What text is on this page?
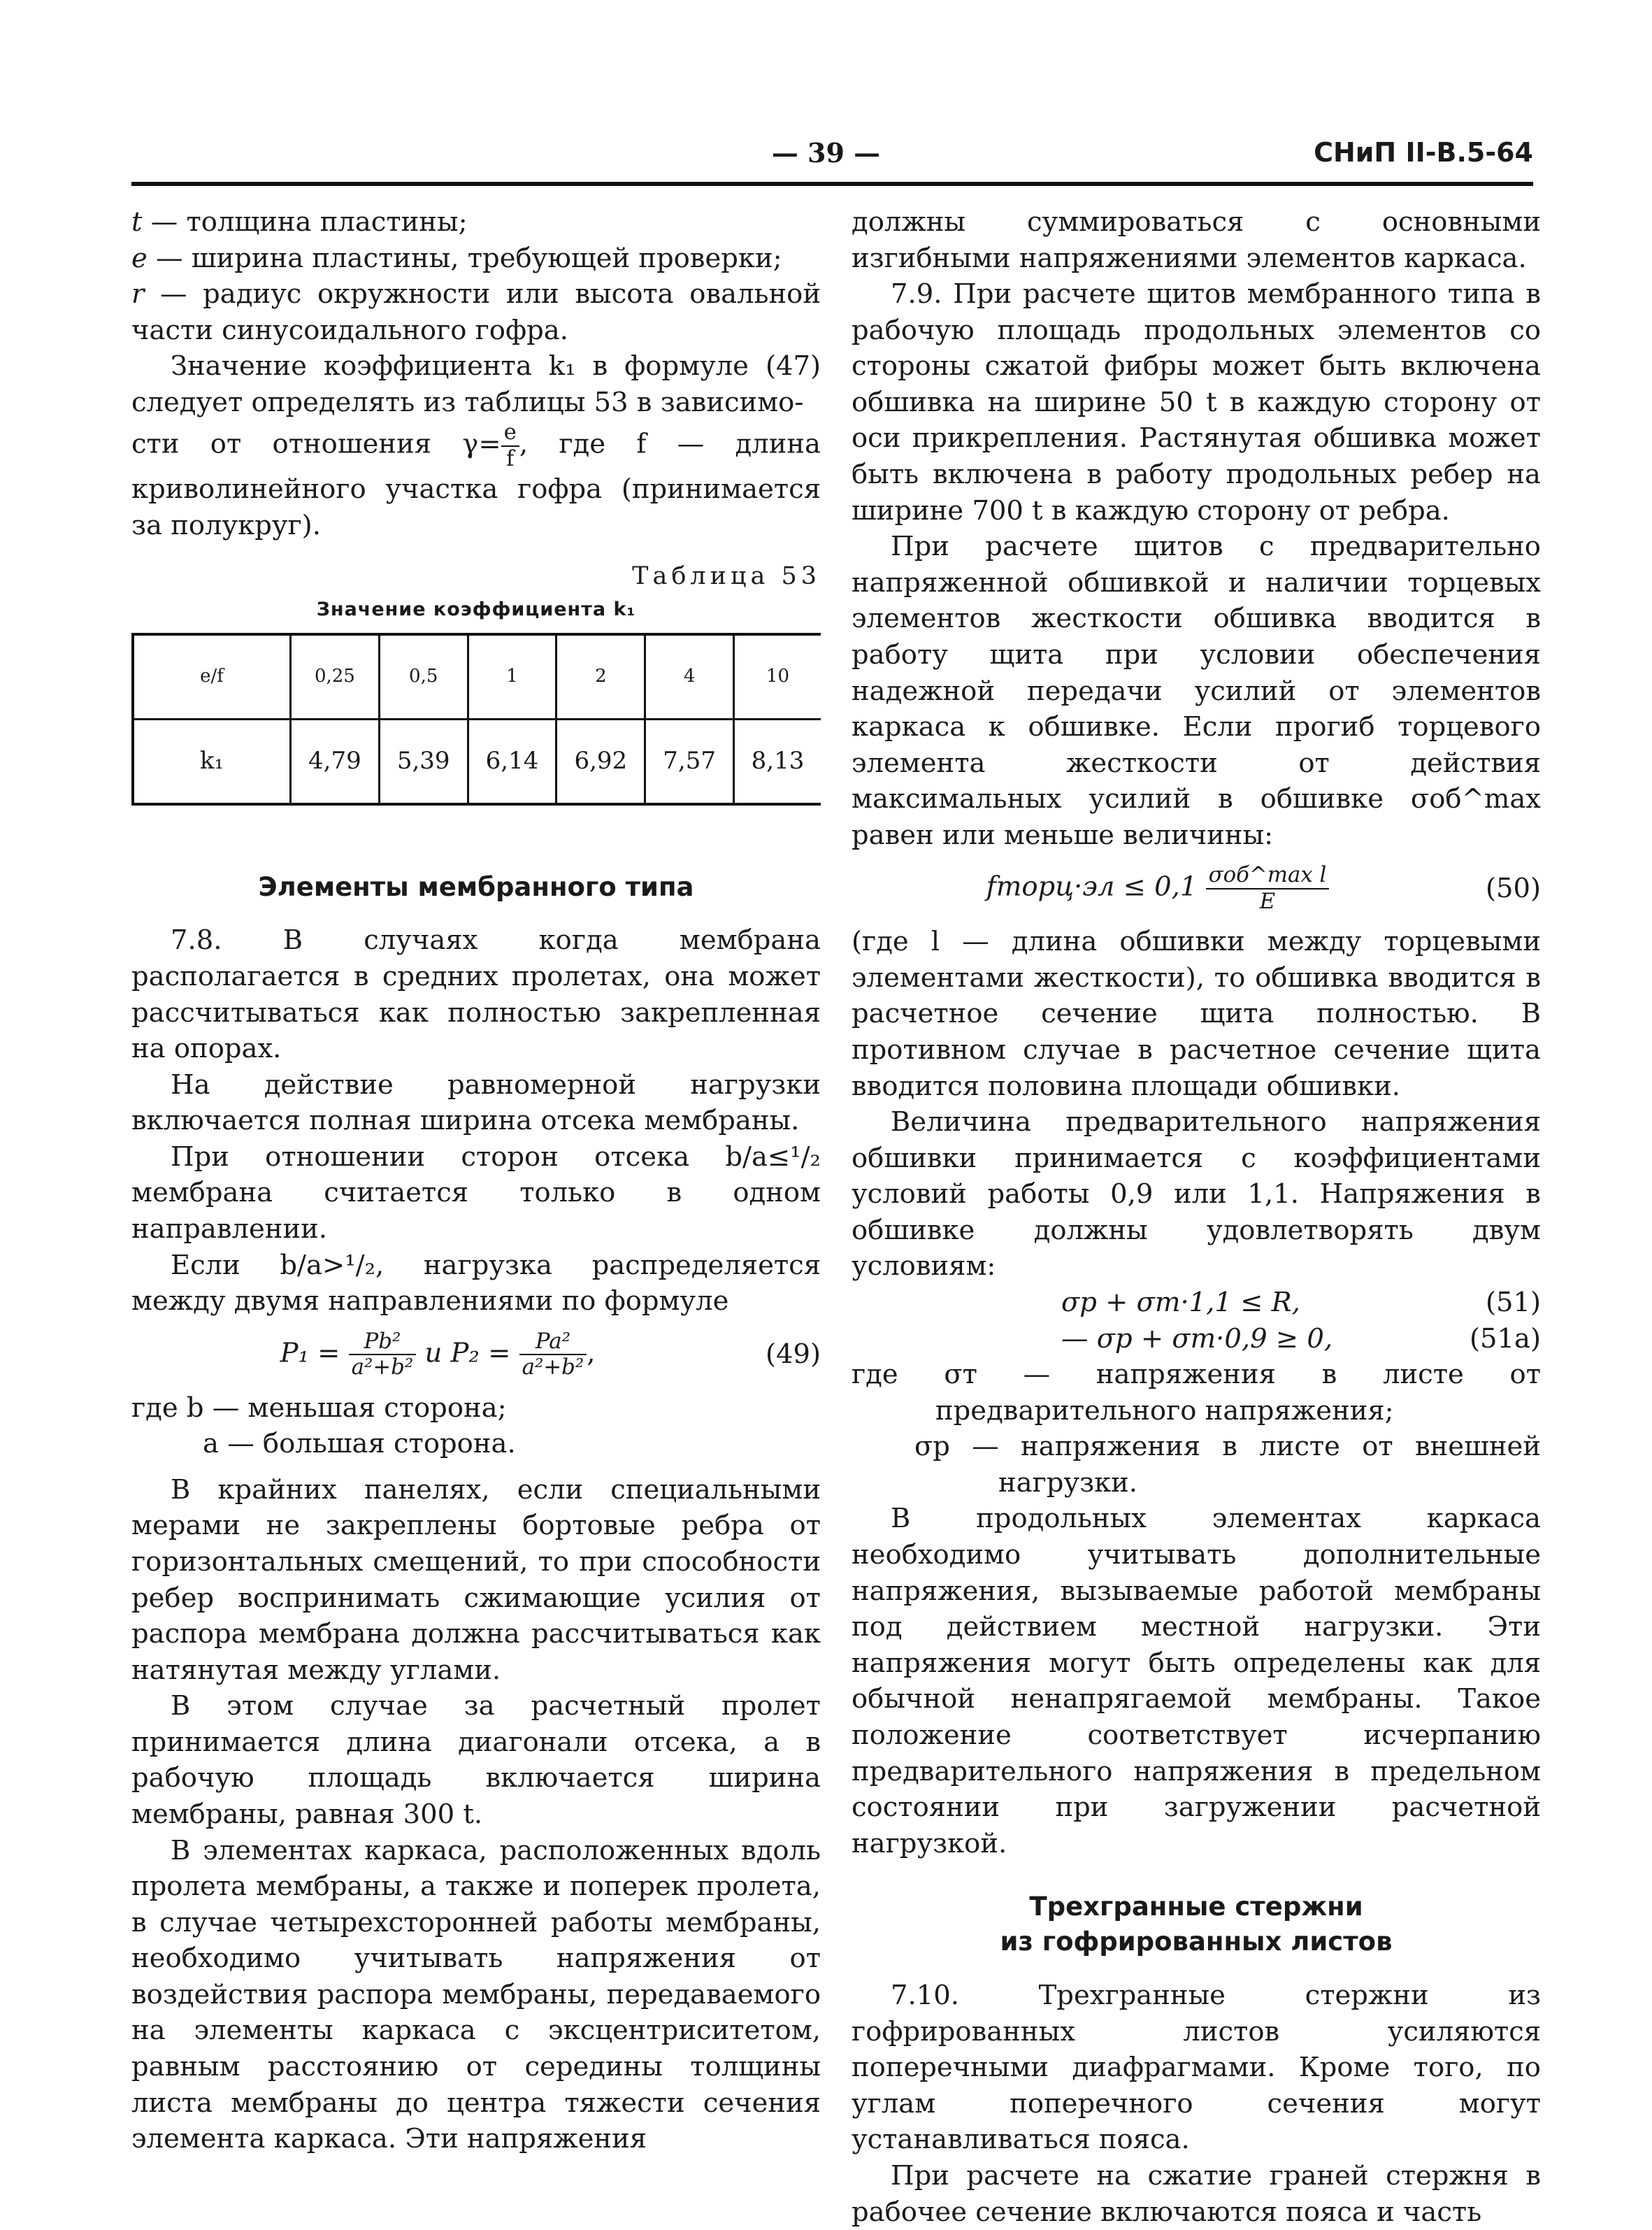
— 39 —	СНиП II-В.5-64
t — толщина пластины;
e — ширина пластины, требующей проверки;
r — радиус окружности или высота овальной части синусоидального гофра.

Значение коэффициента k₁ в формуле (47) следует определять из таблицы 53 в зависимо-

сти от отношения $\gamma= \frac{e}{f}$ , где f — длина криволинейного участка гофра (принимается за полукруг).

Таблица 53
Значение коэффициента k₁
e/f	0,25	0,5	1	2	4	10
k₁	4,79	5,39	6,14	6,92	7,57	8,13
Элементы мембранного типа

7.8. В случаях когда мембрана располагается в средних пролетах, она может рассчитываться как полностью закрепленная на опорах.

На действие равномерной нагрузки включается полная ширина отсека мембраны.

При отношении сторон отсека b/a≤¹/₂ мембрана считается только в одном направлении.

Если b/a>¹/₂, нагрузка распределяется между двумя направлениями по формуле

$P_1 = \frac{\text{Pb²}}{\text{a²+b²}}$ и $P_2 = \frac{\text{Pa²}}{\text{a²+b²}}$ ,	(49)
где b — меньшая сторона;
a — большая сторона.

В крайних панелях, если специальными мерами не закреплены бортовые ребра от горизонтальных смещений, то при способности ребер воспринимать сжимающие усилия от распора мембрана должна рассчитываться как натянутая между углами.

В этом случае за расчетный пролет принимается длина диагонали отсека, а в рабочую площадь включается ширина мембраны, равная 300 t.

В элементах каркаса, расположенных вдоль пролета мембраны, а также и поперек пролета, в случае четырехсторонней работы мембраны, необходимо учитывать напряжения от воздействия распора мембраны, передаваемого на элементы каркаса с эксцентриситетом, равным расстоянию от середины толщины листа мембраны до центра тяжести сечения элемента каркаса. Эти напряжения

должны суммироваться с основными изгибными напряжениями элементов каркаса.

7.9. При расчете щитов мембранного типа в рабочую площадь продольных элементов со стороны сжатой фибры может быть включена обшивка на ширине 50 t в каждую сторону от оси прикрепления. Растянутая обшивка может быть включена в работу продольных ребер на ширине 700 t в каждую сторону от ребра.

При расчете щитов с предварительно напряженной обшивкой и наличии торцевых элементов жесткости обшивка вводится в работу щита при условии обеспечения надежной передачи усилий от элементов каркаса к обшивке. Если прогиб торцевого элемента жесткости от действия максимальных усилий в обшивке σоб^max равен или меньше величины:

fторц·эл ≤ $0,1 \frac{\text{σоб\textasciicircum{}max l}}{E}$	(50)

(где l — длина обшивки между торцевыми элементами жесткости), то обшивка вводится в расчетное сечение щита полностью. В противном случае в расчетное сечение щита вводится половина площади обшивки.

Величина предварительного напряжения обшивки принимается с коэффициентами условий работы 0,9 или 1,1. Напряжения в обшивке должны удовлетворять двум условиям:

σр + σт·1,1 ≤ R,	(51)
— σр + σт·0,9 ≥ 0,	(51а)
где σт — напряжения в листе от предварительного напряжения;
σр — напряжения в листе от внешней нагрузки.

В продольных элементах каркаса необходимо учитывать дополнительные напряжения, вызываемые работой мембраны под действием местной нагрузки. Эти напряжения могут быть определены как для обычной ненапрягаемой мембраны. Такое положение соответствует исчерпанию предварительного напряжения в предельном состоянии при загружении расчетной нагрузкой.

Трехгранные стержни
из гофрированных листов

7.10. Трехгранные стержни из гофрированных листов усиляются поперечными диафрагмами. Кроме того, по углам поперечного сечения могут устанавливаться пояса.

При расчете на сжатие граней стержня в рабочее сечение включаются пояса и часть
